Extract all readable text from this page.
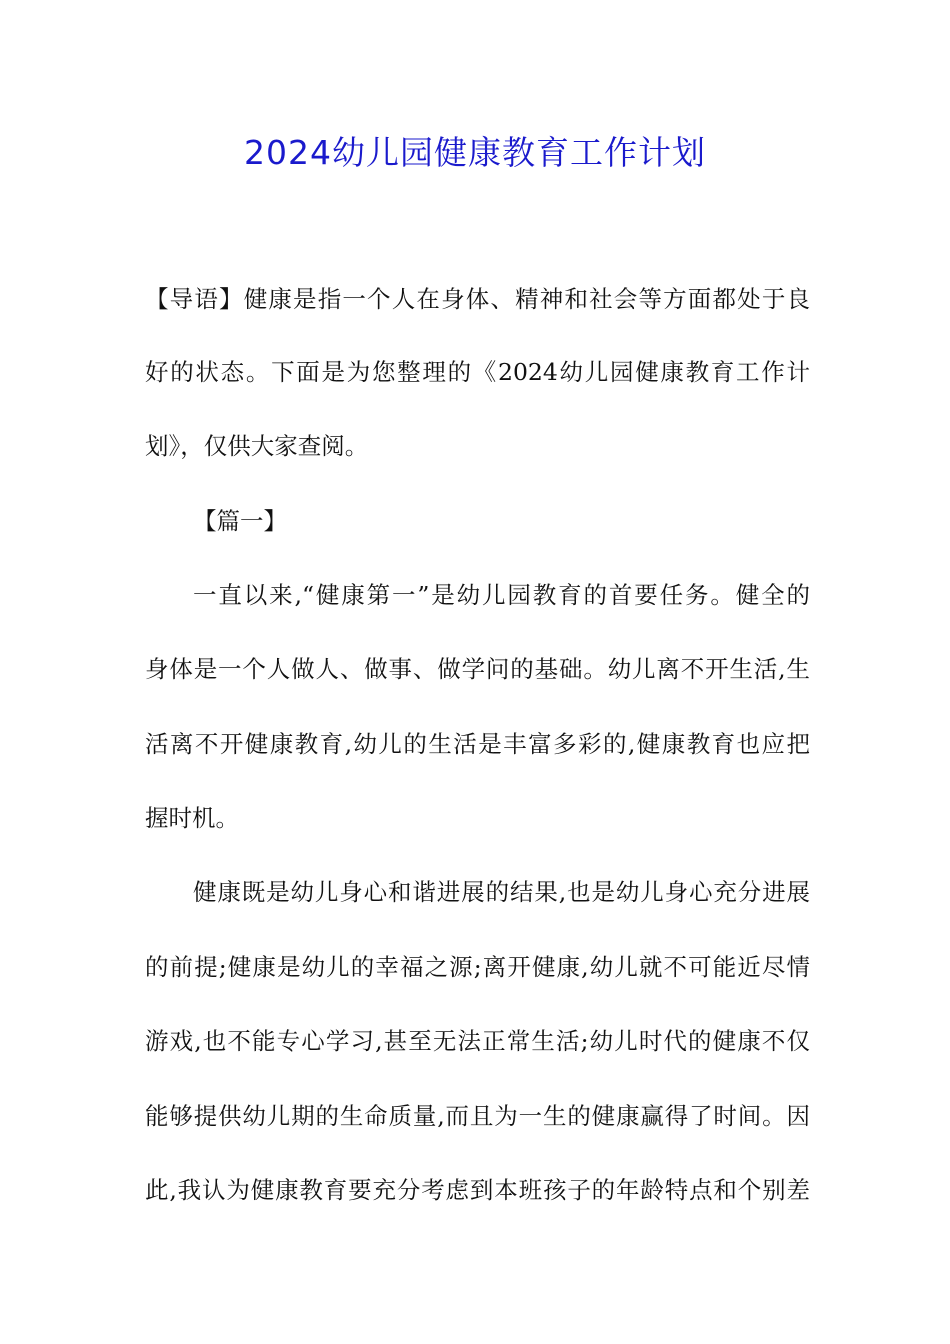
2024幼儿园健康教育工作计划

【导语】健康是指一个人在身体、精神和社会等方面都处于良

好的状态。下面是为您整理的《2024幼儿园健康教育工作计

划》，仅供大家查阅。

【篇一】

一直以来,“健康第一”是幼儿园教育的首要任务。健全的

身体是一个人做人、做事、做学问的基础。幼儿离不开生活,生

活离不开健康教育,幼儿的生活是丰富多彩的,健康教育也应把

握时机。

健康既是幼儿身心和谐进展的结果,也是幼儿身心充分进展

的前提;健康是幼儿的幸福之源;离开健康,幼儿就不可能近尽情

游戏,也不能专心学习,甚至无法正常生活;幼儿时代的健康不仅

能够提供幼儿期的生命质量,而且为一生的健康赢得了时间。因

此,我认为健康教育要充分考虑到本班孩子的年龄特点和个别差
